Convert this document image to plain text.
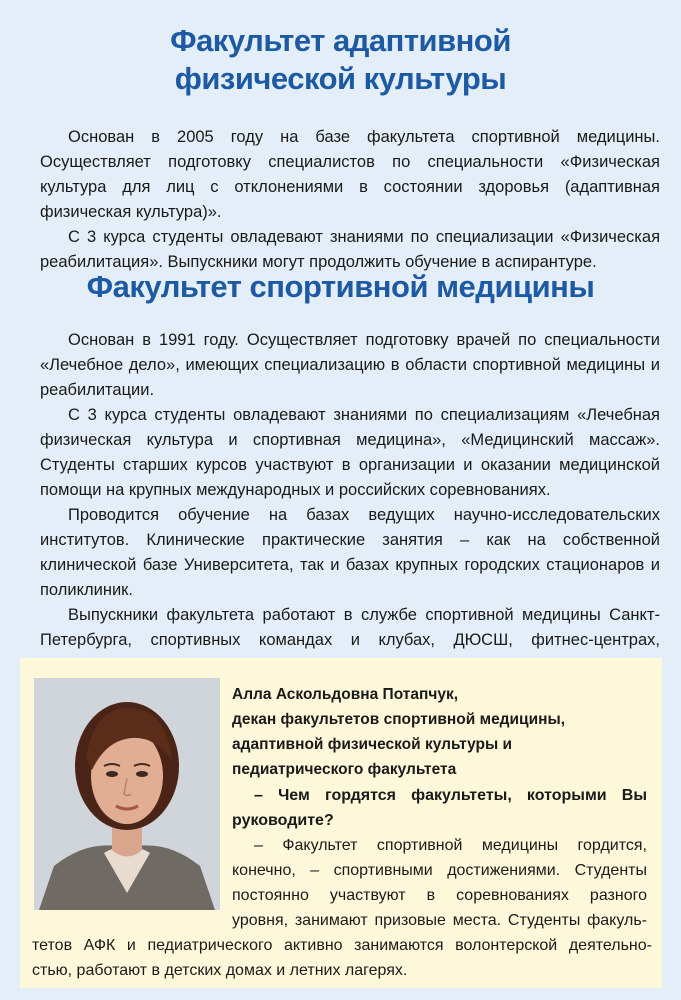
Факультет адаптивной
физической культуры

Основан в 2005 году на базе факультета спортивной медицины. Осуществляет подготовку специалистов по специальности «Физическая культура для лиц с отклонениями в состоянии здоровья (адаптивная физическая культура)».

С 3 курса студенты овладевают знаниями по специализации «Физическая реабилитация». Выпускники могут продолжить обучение в аспирантуре.

Факультет спортивной медицины

Основан в 1991 году. Осуществляет подготовку врачей по специальности «Лечебное дело», имеющих специализацию в области спортивной медицины и реабилитации.

С 3 курса студенты овладевают знаниями по специализациям «Лечебная физическая культура и спортивная медицина», «Медицинский массаж». Студенты старших курсов участвуют в организации и оказании медицинской помощи на крупных международных и российских соревнованиях.

Проводится обучение на базах ведущих научно-исследовательских институтов. Клинические практические занятия – как на собственной клинической базе Университета, так и базах крупных городских стационаров и поликлиник.

Выпускники факультета работают в службе спортивной медицины Санкт-Петербурга, спортивных командах и клубах, ДЮСШ, фитнес-центрах,

Алла Аскольдовна Потапчук,
декан факультетов спортивной медицины,
адаптивной физической культуры и
педиатрического факультета

– Чем гордятся факультеты, которыми Вы руководите?

– Факультет спортивной медицины гордится,
конечно, – спортивными достижениями. Студенты
постоянно участвуют в соревнованиях разного
уровня, занимают призовые места. Студенты факуль-
тетов АФК и педиатрического активно занимаются волонтерской деятельно-
стью, работают в детских домах и летних лагерях.
